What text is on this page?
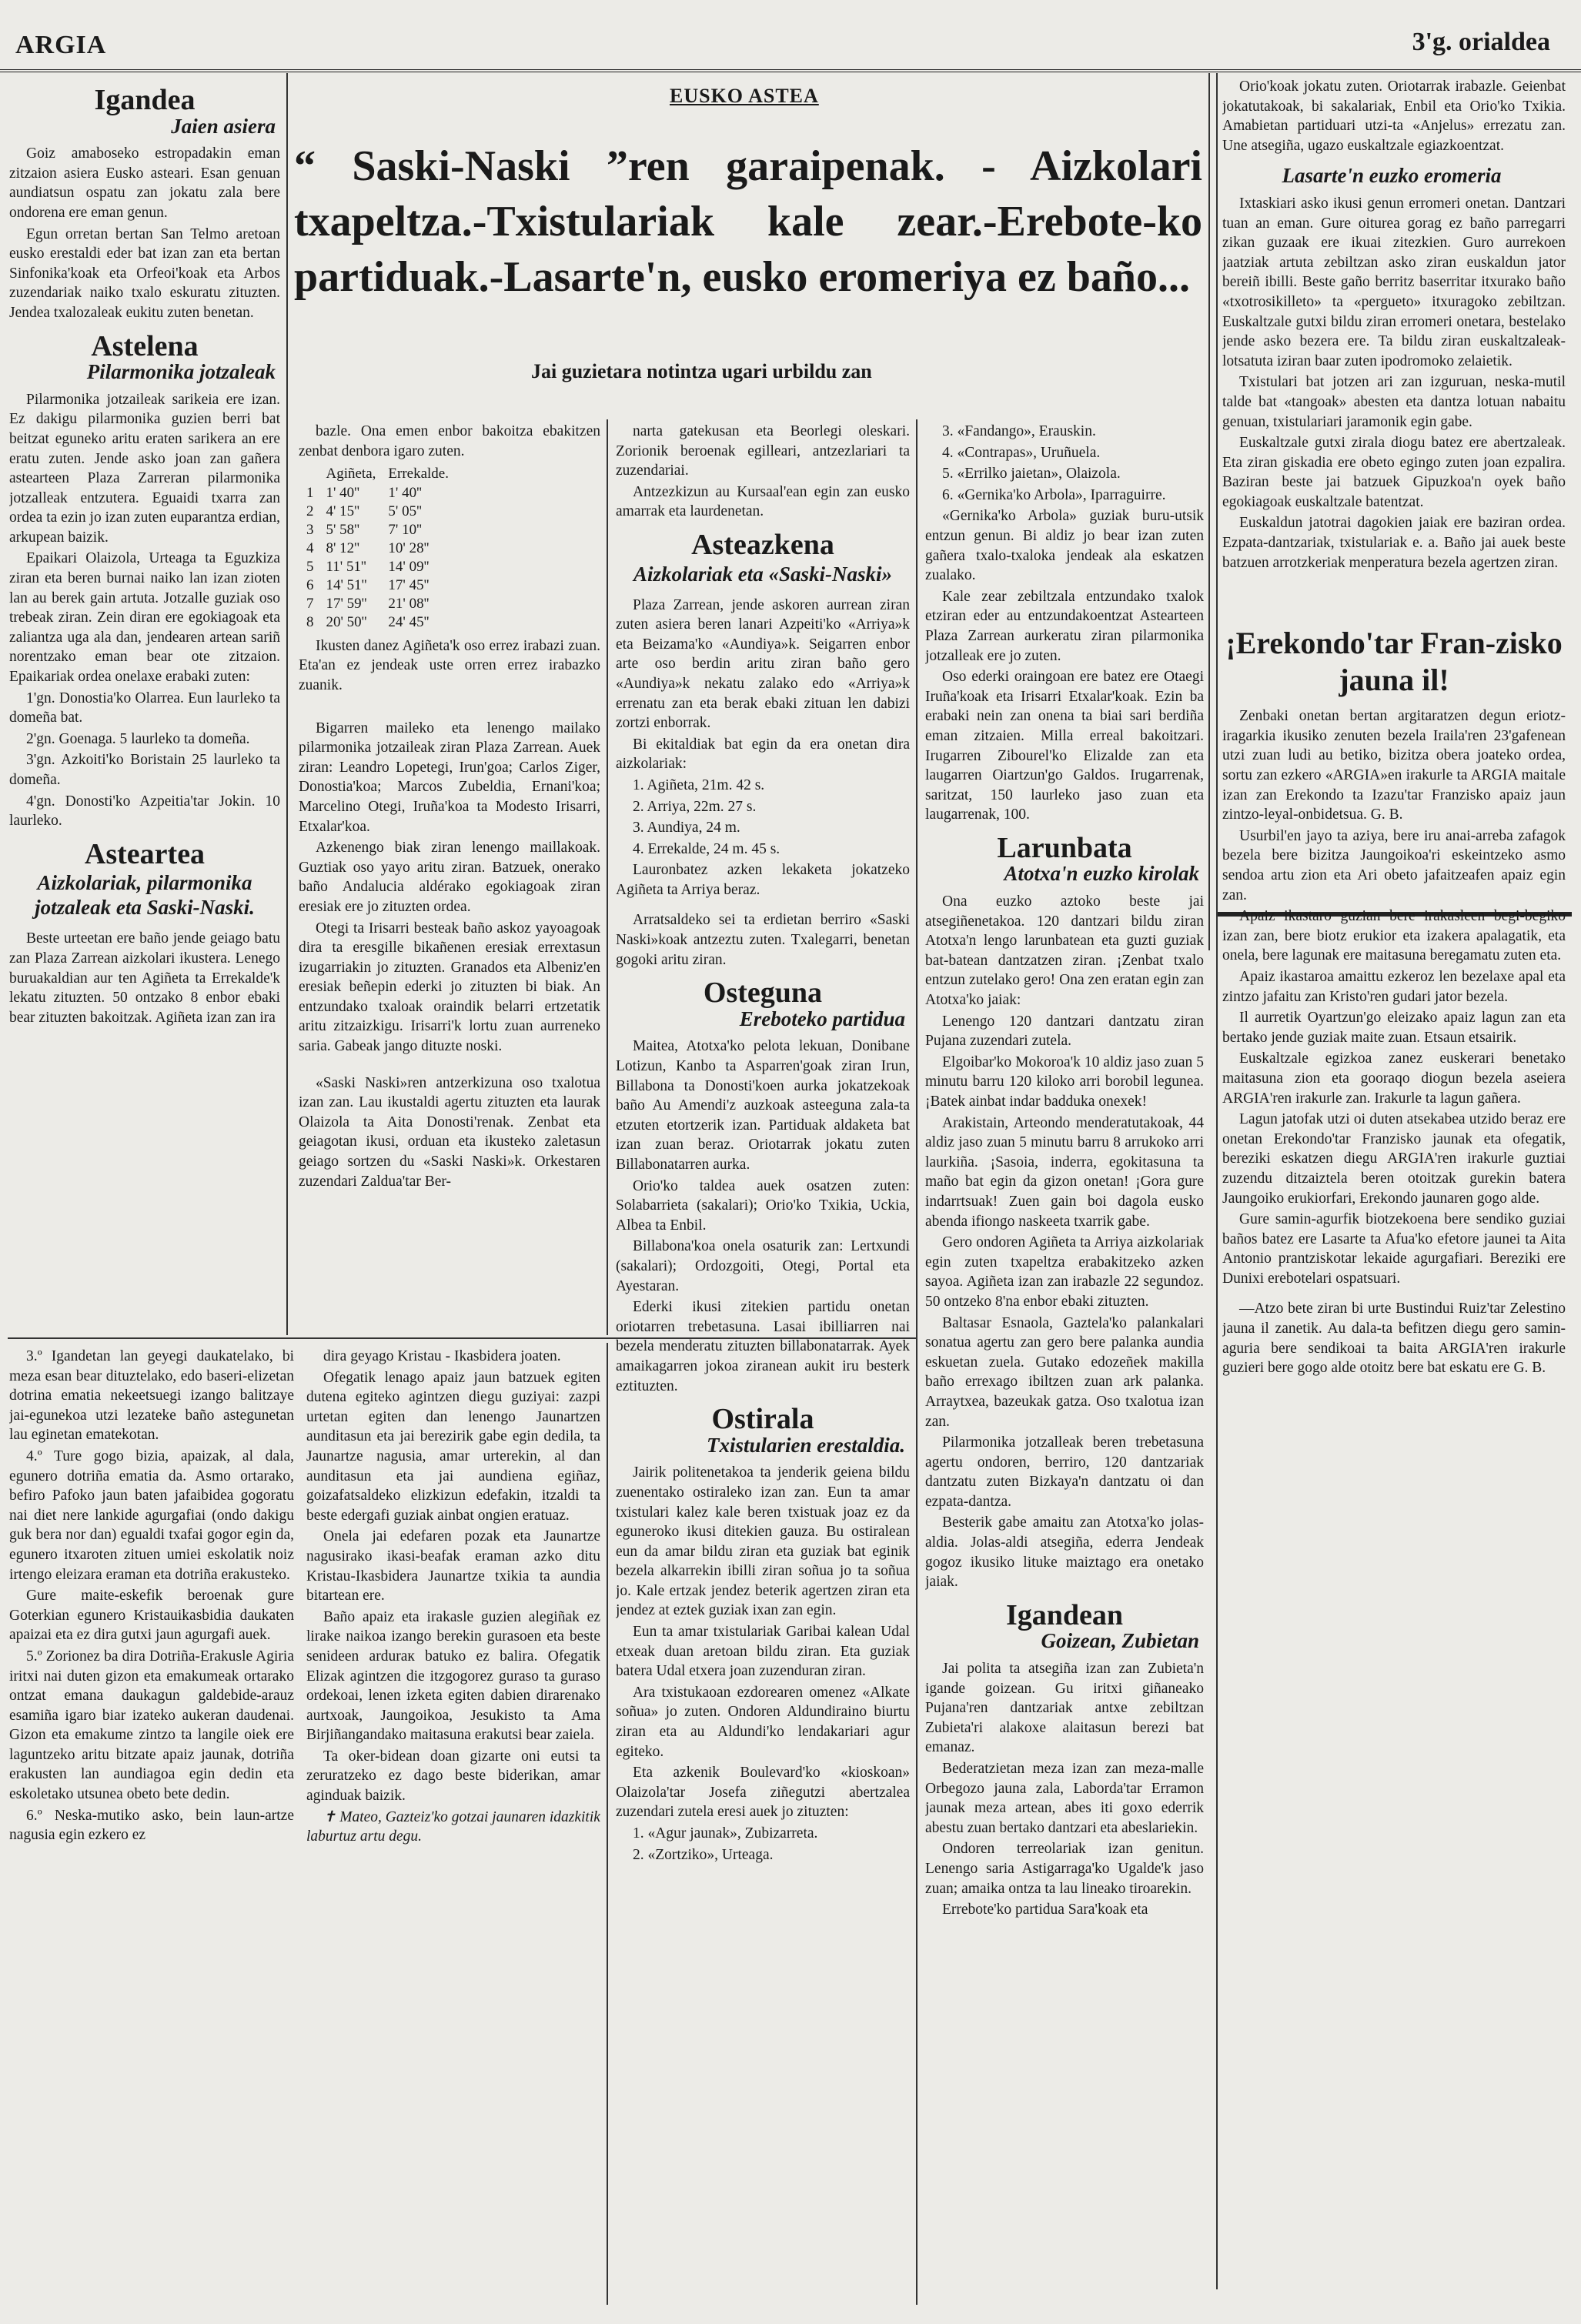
ARGIA	3'g. orialdea
EUSKO ASTEA
“ Saski-Naski ”ren garaipenak. - Aizkolari txapeltza.-Txistulariak kale zear.-Erebote-ko partiduak.-Lasarte'n, eusko eromeriya ez baño...
Jai guzietara notintza ugari urbildu zan
Igandea
Jaien asiera

Goiz amaboseko estropadakin eman zitzaion asiera Eusko asteari. Esan genuan aundiatsun ospatu zan jokatu zala bere ondorena ere eman genun.

Egun orretan bertan San Telmo aretoan eusko erestaldi eder bat izan zan eta bertan Sinfonika'koak eta Orfeoi'koak eta Arbos zuzendariak naiko txalo eskuratu zituzten. Jendea txalozaleak eukitu zuten benetan.

Astelena
Pilarmonika jotzaleak

Pilarmonika jotzaileak sarikeia ere izan. Ez dakigu pilarmonika guzien berri bat beitzat eguneko aritu eraten sarikera an ere eratu zuten. Jende asko joan zan gañera astearteen Plaza Zarreran pilarmonika jotzalleak entzutera. Eguaidi txarra zan ordea ta ezin jo izan zuten euparantza erdian, arkupean baizik.

Epaikari Olaizola, Urteaga ta Eguzkiza ziran eta beren burnai naiko lan izan zioten lan au berek gain artuta. Jotzalle guziak oso trebeak ziran. Zein diran ere egokiagoak eta zaliantza uga ala dan, jendearen artean sariñ norentzako eman bear ote zitzaion. Epaikariak ordea onelaxe erabaki zuten:

1'gn. Donostia'ko Olarrea. Eun laurleko ta domeña bat.

2'gn. Goenaga. 5 laurleko ta domeña.

3'gn. Azkoiti'ko Boristain 25 laurleko ta domeña.

4'gn. Donosti'ko Azpeitia'tar Jokin. 10 laurleko.

Asteartea
Aizkolariak, pilarmonika jotzaleak eta Saski-Naski.

Beste urteetan ere baño jende geiago batu zan Plaza Zarrean aizkolari ikustera. Lenego buruakaldian aur ten Agiñeta ta Errekalde'k lekatu zituzten. 50 ontzako 8 enbor ebaki bear zituzten bakoitzak. Agiñeta izan zan ira

bazle. Ona emen enbor bakoitza ebakitzen zenbat denbora igaro zuten.

	Agiñeta,	Errekalde.
1	1' 40''	1' 40''
2	4' 15''	5' 05''
3	5' 58''	7' 10''
4	8' 12''	10' 28''
5	11' 51''	14' 09''
6	14' 51''	17' 45''
7	17' 59''	21' 08''
8	20' 50''	24' 45''

Ikusten danez Agiñeta'k oso errez irabazi zuan. Eta'an ez jendeak uste orren errez irabazko zuanik.

Bigarren maileko eta lenengo mailako pilarmonika jotzaileak ziran Plaza Zarrean. Auek ziran: Leandro Lopetegi, Irun'goa; Carlos Ziger, Donostia'koa; Marcos Zubeldia, Ernani'koa; Marcelino Otegi, Iruña'koa ta Modesto Irisarri, Etxalar'koa.

Azkenengo biak ziran lenengo maillakoak. Guztiak oso yayo aritu ziran. Batzuek, onerako baño Andalucia aldérako egokiagoak ziran eresiak ere jo zituzten ordea.

Otegi ta Irisarri besteak baño askoz yayoagoak dira ta eresgille bikañenen eresiak errextasun izugarriakin jo zituzten. Granados eta Albeniz'en eresiak beñepin ederki jo zituzten bi biak. An entzundako txaloak oraindik belarri ertzetatik aritu zitzaizkigu. Irisarri'k lortu zuan aurreneko saria. Gabeak jango dituzte noski.

«Saski Naski»ren antzerkizuna oso txalotua izan zan. Lau ikustaldi agertu zituzten eta laurak Olaizola ta Aita Donosti'renak. Zenbat eta geiagotan ikusi, orduan eta ikusteko zaletasun geiago sortzen du «Saski Naski»k. Orkestaren zuzendari Zaldua'tar Ber-

narta gatekusan eta Beorlegi oleskari. Zorionik beroenak egilleari, antzezlariari ta zuzendariai.

Antzezkizun au Kursaal'ean egin zan eusko amarrak eta laurdenetan.

Asteazkena
Aizkolariak eta «Saski-Naski»

Plaza Zarrean, jende askoren aurrean ziran zuten asiera beren lanari Azpeiti'ko «Arriya»k eta Beizama'ko «Aundiya»k. Seigarren enbor arte oso berdin aritu ziran baño gero «Aundiya»k nekatu zalako edo «Arriya»k errenatu zan eta berak ebaki zituan len dabizi zortzi enborrak.

Bi ekitaldiak bat egin da era onetan dira aizkolariak:

1. Agiñeta, 21m. 42 s.

2. Arriya, 22m. 27 s.

3. Aundiya, 24 m.

4. Errekalde, 24 m. 45 s.

Lauronbatez azken lekaketa jokatzeko Agiñeta ta Arriya beraz.

Arratsaldeko sei ta erdietan berriro «Saski Naski»koak antzeztu zuten. Txalegarri, benetan gogoki aritu ziran.

Osteguna
Ereboteko partidua

Maitea, Atotxa'ko pelota lekuan, Donibane Lotizun, Kanbo ta Asparren'goak ziran Irun, Billabona ta Donosti'koen aurka jokatzekoak baño Au Amendi'z auzkoak asteeguna zala-ta etzuten etortzerik izan. Partiduak aldaketa bat izan zuan beraz. Oriotarrak jokatu zuten Billabonatarren aurka.

Orio'ko taldea auek osatzen zuten: Solabarrieta (sakalari); Orio'ko Txikia, Uckia, Albea ta Enbil.

Billabona'koa onela osaturik zan: Lertxundi (sakalari); Ordozgoiti, Otegi, Portal eta Ayestaran.

Ederki ikusi zitekien partidu onetan oriotarren trebetasuna. Lasai ibilliarren nai bezela menderatu zituzten billabonatarrak. Ayek amaikagarren jokoa ziranean aukit iru besterk eztituzten.

Ostirala
Txistularien erestaldia.

Jairik politenetakoa ta jenderik geiena bildu zuenentako ostiraleko izan zan. Eun ta amar txistulari kalez kale beren txistuak joaz ez da eguneroko ikusi ditekien gauza. Bu ostiralean eun da amar bildu ziran eta guziak bat eginik bezela alkarrekin ibilli ziran soñua jo ta soñua jo. Kale ertzak jendez beterik agertzen ziran eta jendez at eztek guziak ixan zan egin.

Eun ta amar txistulariak Garibai kalean Udal etxeak duan aretoan bildu ziran. Eta guziak batera Udal etxera joan zuzenduran ziran.

Ara txistukaoan ezdorearen omenez «Alkate soñua» jo zuten. Ondoren Aldundiraino biurtu ziran eta au Aldundi'ko lendakariari agur egiteko.

Eta azkenik Boulevard'ko «kioskoan» Olaizola'tar Josefa ziñegutzi abertzalea zuzendari zutela eresi auek jo zituzten:

1. «Agur jaunak», Zubizarreta.

2. «Zortziko», Urteaga.

3. «Fandango», Erauskin.

4. «Contrapas», Uruñuela.

5. «Errilko jaietan», Olaizola.

6. «Gernika'ko Arbola», Iparraguirre.

«Gernika'ko Arbola» guziak buru-utsik entzun genun. Bi aldiz jo bear izan zuten gañera txalo-txaloka jendeak ala eskatzen zualako.

Kale zear zebiltzala entzundako txalok etziran eder au entzundakoentzat Astearteen Plaza Zarrean aurkeratu ziran pilarmonika jotzalleak ere jo zuten.

Oso ederki oraingoan ere batez ere Otaegi Iruña'koak eta Irisarri Etxalar'koak. Ezin ba erabaki nein zan onena ta biai sari berdiña eman zitzaien. Milla erreal bakoitzari. Irugarren Zibourel'ko Elizalde zan eta laugarren Oiartzun'go Galdos. Irugarrenak, saritzat, 150 laurleko jaso zuan eta laugarrenak, 100.

Larunbata
Atotxa'n euzko kirolak

Ona euzko aztoko beste jai atsegiñenetakoa. 120 dantzari bildu ziran Atotxa'n lengo larunbatean eta guzti guziak bat-batean dantzatzen ziran. ¡Zenbat txalo entzun zutelako gero! Ona zen eratan egin zan Atotxa'ko jaiak:

Lenengo 120 dantzari dantzatu ziran Pujana zuzendari zutela.

Elgoibar'ko Mokoroa'k 10 aldiz jaso zuan 5 minutu barru 120 kiloko arri borobil legunea. ¡Batek ainbat indar badduka onexek!

Arakistain, Arteondo menderatutakoak, 44 aldiz jaso zuan 5 minutu barru 8 arrukoko arri laurkiña. ¡Sasoia, inderra, egokitasuna ta maño bat egin da gizon onetan! ¡Gora gure indarrtsuak! Zuen gain boi dagola eusko abenda ifiongo naskeeta txarrik gabe.

Gero ondoren Agiñeta ta Arriya aizkolariak egin zuten txapeltza erabakitzeko azken sayoa. Agiñeta izan zan irabazle 22 segundoz. 50 ontzeko 8'na enbor ebaki zituzten.

Baltasar Esnaola, Gaztela'ko palankalari sonatua agertu zan gero bere palanka aundia eskuetan zuela. Gutako edozeñek makilla baño errexago ibiltzen zuan ark palanka. Arraytxea, bazeukak gatza. Oso txalotua izan zan.

Pilarmonika jotzalleak beren trebetasuna agertu ondoren, berriro, 120 dantzariak dantzatu zuten Bizkaya'n dantzatu oi dan ezpata-dantza.

Besterik gabe amaitu zan Atotxa'ko jolas-aldia. Jolas-aldi atsegiña, ederra Jendeak gogoz ikusiko lituke maiztago era onetako jaiak.

Igandean
Goizean, Zubietan

Jai polita ta atsegiña izan zan Zubieta'n igande goizean. Gu iritxi giñaneako Pujana'ren dantzariak antxe zebiltzan Zubieta'ri alakoxe alaitasun berezi bat emanaz.

Bederatzietan meza izan zan meza-malle Orbegozo jauna zala, Laborda'tar Erramon jaunak meza artean, abes iti goxo ederrik abestu zuan bertako dantzari eta abeslariekin.

Ondoren terreolariak izan genitun. Lenengo saria Astigarraga'ko Ugalde'k jaso zuan; amaika ontza ta lau lineako tiroarekin.

Errebote'ko partidua Sara'koak eta

Orio'koak jokatu zuten. Oriotarrak irabazle. Geienbat jokatutakoak, bi sakalariak, Enbil eta Orio'ko Txikia. Amabietan partiduari utzi-ta «Anjelus» errezatu zan. Une atsegiña, ugazo euskaltzale egiazkoentzat.

Lasarte'n euzko eromeria

Ixtaskiari asko ikusi genun erromeri onetan. Dantzari tuan an eman. Gure oiturea gorag ez baño parregarri zikan guzaak ere ikuai zitezkien. Guro aurrekoen jaatziak artuta zebiltzan asko ziran euskaldun jator bereiñ ibilli. Beste gaño berritz baserritar itxurako baño «txotrosikilleto» ta «pergueto» itxuragoko zebiltzan. Euskaltzale gutxi bildu ziran erromeri onetara, bestelako jende asko bezera ere. Ta bildu ziran euskaltzaleak-lotsatuta iziran baar zuten ipodromoko zelaietik.

Txistulari bat jotzen ari zan izguruan, neska-mutil talde bat «tangoak» abesten eta dantza lotuan nabaitu genuan, txistulariari jaramonik egin gabe.

Euskaltzale gutxi zirala diogu batez ere abertzaleak. Eta ziran giskadia ere obeto egingo zuten joan ezpalira. Baziran beste jai batzuek Gipuzkoa'n oyek baño egokiagoak euskaltzale batentzat.

Euskaldun jatotrai dagokien jaiak ere baziran ordea. Ezpata-dantzariak, txistulariak e. a. Baño jai auek beste batzuen arrotzkeriak menperatura bezela agertzen ziran.

¡Erekondo'tar Fran-zisko jauna il!

Zenbaki onetan bertan argitaratzen degun eriotz-iragarkia ikusiko zenuten bezela Iraila'ren 23'gafenean utzi zuan ludi au betiko, bizitza obera joateko ordea, sortu zan ezkero «ARGIA»en irakurle ta ARGIA maitale izan zan Erekondo ta Izazu'tar Franzisko apaiz jaun zintzo-leyal-onbidetsua. G. B.

Usurbil'en jayo ta aziya, bere iru anai-arreba zafagok bezela bere bizitza Jaungoikoa'ri eskeintzeko asmo sendoa artu zion eta Ari obeto jafaitzeafen apaiz egin zan.

Apaiz ikastaro guzian bere irakasleen begi-begiko izan zan, bere biotz erukior eta izakera apalagatik, eta onela, bere lagunak ere maitasuna beregamatu zuten eta.

Apaiz ikastaroa amaittu ezkeroz len bezelaxe apal eta zintzo jafaitu zan Kristo'ren gudari jator bezela.

Il aurretik Oyartzun'go eleizako apaiz lagun zan eta bertako jende guziak maite zuan. Etsaun etsairik.

Euskaltzale egizkoa zanez euskerari benetako maitasuna zion eta gooraqo diogun bezela aseiera ARGIA'ren irakurle zan. Irakurle ta lagun gañera.

Lagun jatofak utzi oi duten atsekabea utzido beraz ere onetan Erekondo'tar Franzisko jaunak eta ofegatik, bereziki eskatzen diegu ARGIA'ren irakurle guztiai zuzendu ditzaiztela beren otoitzak gurekin batera Jaungoiko erukiorfari, Erekondo jaunaren gogo alde.

Gure samin-agurfik biotzekoena bere sendiko guziai baños batez ere Lasarte ta Afua'ko efetore jaunei ta Aita Antonio prantziskotar lekaide agurgafiari. Bereziki ere Dunixi erebotelari ospatsuari.

—Atzo bete ziran bi urte Bustindui Ruiz'tar Zelestino jauna il zanetik. Au dala-ta befitzen diegu gero samin-aguria bere sendikoai ta baita ARGIA'ren irakurle guzieri bere gogo alde otoitz bere bat eskatu ere G. B.

3.º Igandetan lan geyegi daukatelako, bi meza esan bear dituztelako, edo baseri-elizetan dotrina ematia nekeetsuegi izango balitzaye jai-egunekoa utzi lezateke baño astegunetan lau eginetan ematekotan.

4.º Ture gogo bizia, apaizak, al dala, egunero dotriña ematia da. Asmo ortarako, befiro Pafoko jaun baten jafaibidea gogoratu nai diet nere lankide agurgafiai (ondo dakigu guk bera nor dan) egualdi txafai gogor egin da, egunero itxaroten zituen umiei eskolatik noiz irtengo eleizara eraman eta dotriña erakusteko.

Gure maite-eskefik beroenak gure Goterkian egunero Kristauikasbidia daukaten apaizai eta ez dira gutxi jaun agurgafi auek.

5.º Zorionez ba dira Dotriña-Erakusle Agiria iritxi nai duten gizon eta emakumeak ortarako ontzat emana daukagun galdebide-arauz esamiña igaro biar izateko aukeran daudenai. Gizon eta emakume zintzo ta langile oiek ere laguntzeko aritu bitzate apaiz jaunak, dotriña erakusten lan aundiagoa egin dedin eta eskoletako utsunea obeto bete dedin.

6.º Neska-mutiko asko, bein laun-artze nagusia egin ezkero ez

dira geyago Kristau - Ikasbidera joaten.

Ofegatik lenago apaiz jaun batzuek egiten dutena egiteko agintzen diegu guziyai: zazpi urtetan egiten dan lenengo Jaunartzen aunditasun eta jai berezirik gabe egin dedila, ta Jaunartze nagusia, amar urterekin, al dan aunditasun eta jai aundiena egiñaz, goizafatsaldeko elizkizun edefakin, itzaldi ta beste edergafi guziak ainbat ongien eratuaz.

Onela jai edefaren pozak eta Jaunartze nagusirako ikasi-beafak eraman azko ditu Kristau-Ikasbidera Jaunartze txikia ta aundia bitartean ere.

Baño apaiz eta irakasle guzien alegiñak ez lirake naikoa izango berekin gurasoen eta beste senideen arduraк batuko ez balira. Ofegatik Elizak agintzen die itzgogorez guraso ta guraso ordekoai, lenen izketa egiten dabien dirarenako aurtxoak, Jaungoikoa, Jesukisto ta Ama Birjiñangandako maitasuna erakutsi bear zaiela.

Ta oker-bidean doan gizarte oni eutsi ta zeruratzeko ez dago beste biderikan, amar aginduak baizik.

✝ Mateo, Gazteiz'ko gotzai jaunaren idazkitik laburtuz artu degu.
